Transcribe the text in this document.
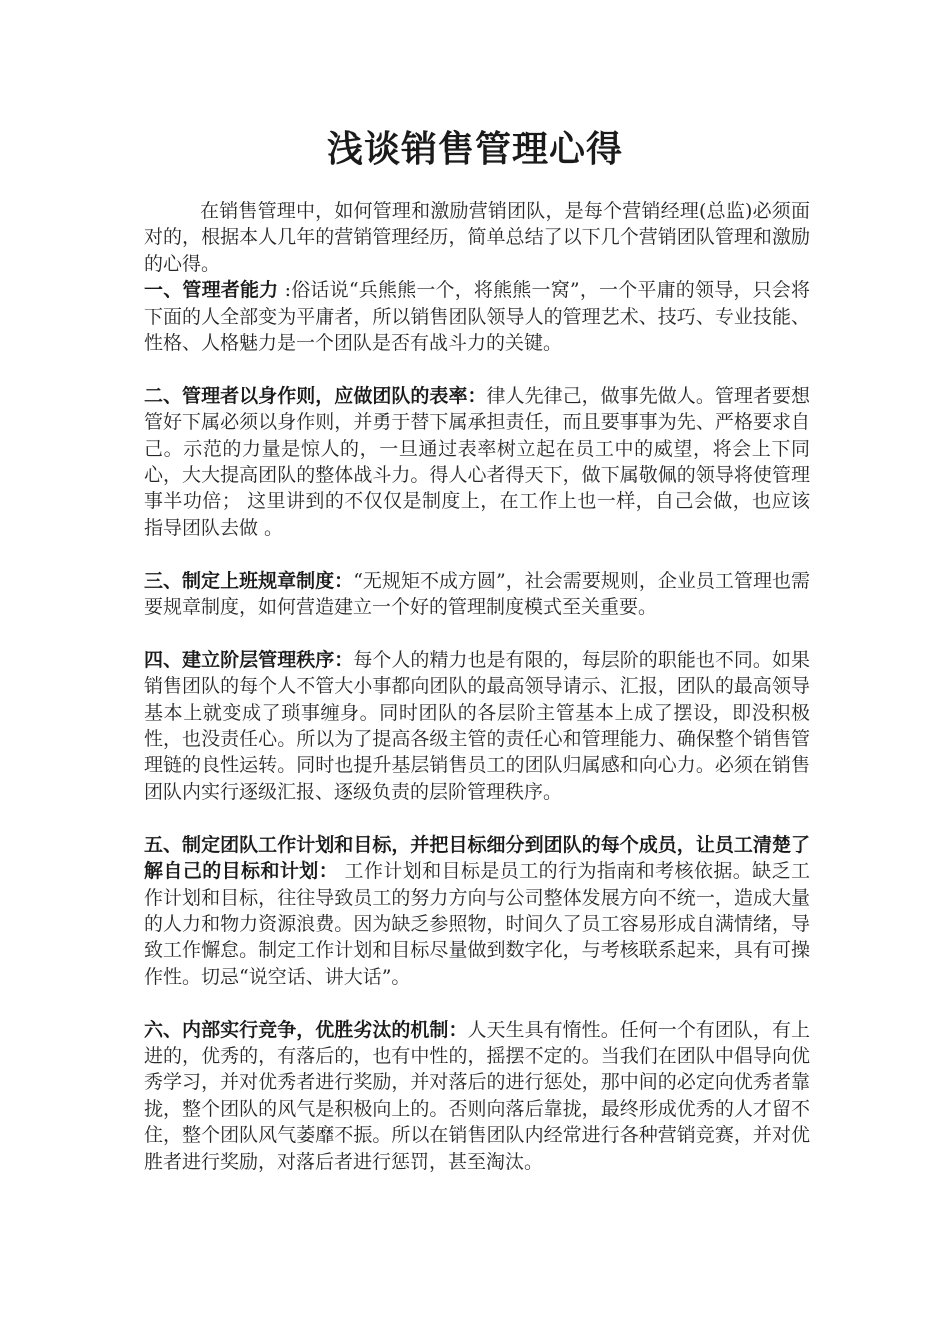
浅谈销售管理心得

在销售管理中，如何管理和激励营销团队，是每个营销经理(总监)必须面对的，根据本人几年的营销管理经历，简单总结了以下几个营销团队管理和激励的心得。

一、管理者能力 :俗话说“兵熊熊一个，将熊熊一窝”，一个平庸的领导，只会将下面的人全部变为平庸者，所以销售团队领导人的管理艺术、技巧、专业技能、性格、人格魅力是一个团队是否有战斗力的关键。

二、管理者以身作则，应做团队的表率：律人先律己，做事先做人。管理者要想管好下属必须以身作则，并勇于替下属承担责任，而且要事事为先、严格要求自己。示范的力量是惊人的，一旦通过表率树立起在员工中的威望，将会上下同心，大大提高团队的整体战斗力。得人心者得天下，做下属敬佩的领导将使管理事半功倍； 这里讲到的不仅仅是制度上，在工作上也一样，自己会做，也应该指导团队去做 。

三、制定上班规章制度：“无规矩不成方圆”，社会需要规则，企业员工管理也需要规章制度，如何营造建立一个好的管理制度模式至关重要。

四、建立阶层管理秩序：每个人的精力也是有限的，每层阶的职能也不同。如果销售团队的每个人不管大小事都向团队的最高领导请示、汇报，团队的最高领导基本上就变成了琐事缠身。同时团队的各层阶主管基本上成了摆设，即没积极性，也没责任心。所以为了提高各级主管的责任心和管理能力、确保整个销售管理链的良性运转。同时也提升基层销售员工的团队归属感和向心力。必须在销售团队内实行逐级汇报、逐级负责的层阶管理秩序。

五、制定团队工作计划和目标，并把目标细分到团队的每个成员，让员工清楚了解自己的目标和计划： 工作计划和目标是员工的行为指南和考核依据。缺乏工作计划和目标，往往导致员工的努力方向与公司整体发展方向不统一，造成大量的人力和物力资源浪费。因为缺乏参照物，时间久了员工容易形成自满情绪，导致工作懈怠。制定工作计划和目标尽量做到数字化，与考核联系起来，具有可操作性。切忌“说空话、讲大话”。

六、内部实行竞争，优胜劣汰的机制：人天生具有惰性。任何一个有团队，有上进的，优秀的，有落后的，也有中性的，摇摆不定的。当我们在团队中倡导向优秀学习，并对优秀者进行奖励，并对落后的进行惩处，那中间的必定向优秀者靠拢，整个团队的风气是积极向上的。否则向落后靠拢，最终形成优秀的人才留不住，整个团队风气萎靡不振。所以在销售团队内经常进行各种营销竞赛，并对优胜者进行奖励，对落后者进行惩罚，甚至淘汰。
